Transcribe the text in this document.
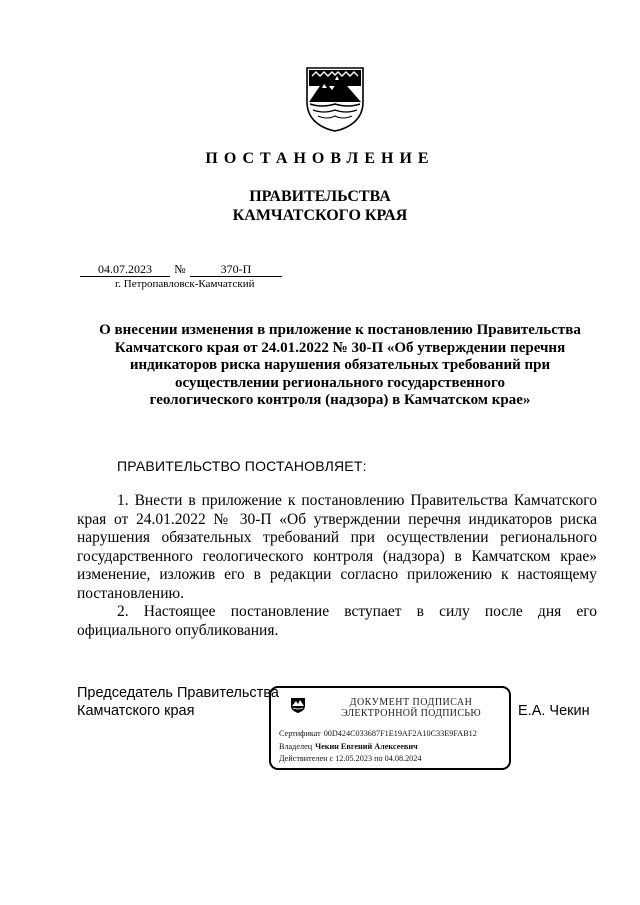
ПОСТАНОВЛЕНИЕ
ПРАВИТЕЛЬСТВА
КАМЧАТСКОГО КРАЯ
04.07.2023 №	370-П
г. Петропавловск-Камчатский
О внесении изменения в приложение к постановлению Правительства
Камчатского края от 24.01.2022 № 30-П «Об утверждении перечня
индикаторов риска нарушения обязательных требований при
осуществлении регионального государственного
геологического контроля (надзора) в Камчатском крае»
ПРАВИТЕЛЬСТВО ПОСТАНОВЛЯЕТ:

1. Внести в приложение к постановлению Правительства Камчатского края от 24.01.2022 № 30-П «Об утверждении перечня индикаторов риска нарушения обязательных требований при осуществлении регионального государственного геологического контроля (надзора) в Камчатском крае» изменение, изложив его в редакции согласно приложению к настоящему постановлению.

2. Настоящее постановление вступает в силу после дня его официального опубликования.

Председатель Правительства
Камчатского края
ДОКУМЕНТ ПОДПИСАН
ЭЛЕКТРОННОЙ ПОДПИСЬЮ
Сертификат 00D424C033687F1E19AF2A10C33E9FAB12
Владелец Чекин Евгений Алексеевич
Действителен с 12.05.2023 по 04.08.2024
Е.А. Чекин
